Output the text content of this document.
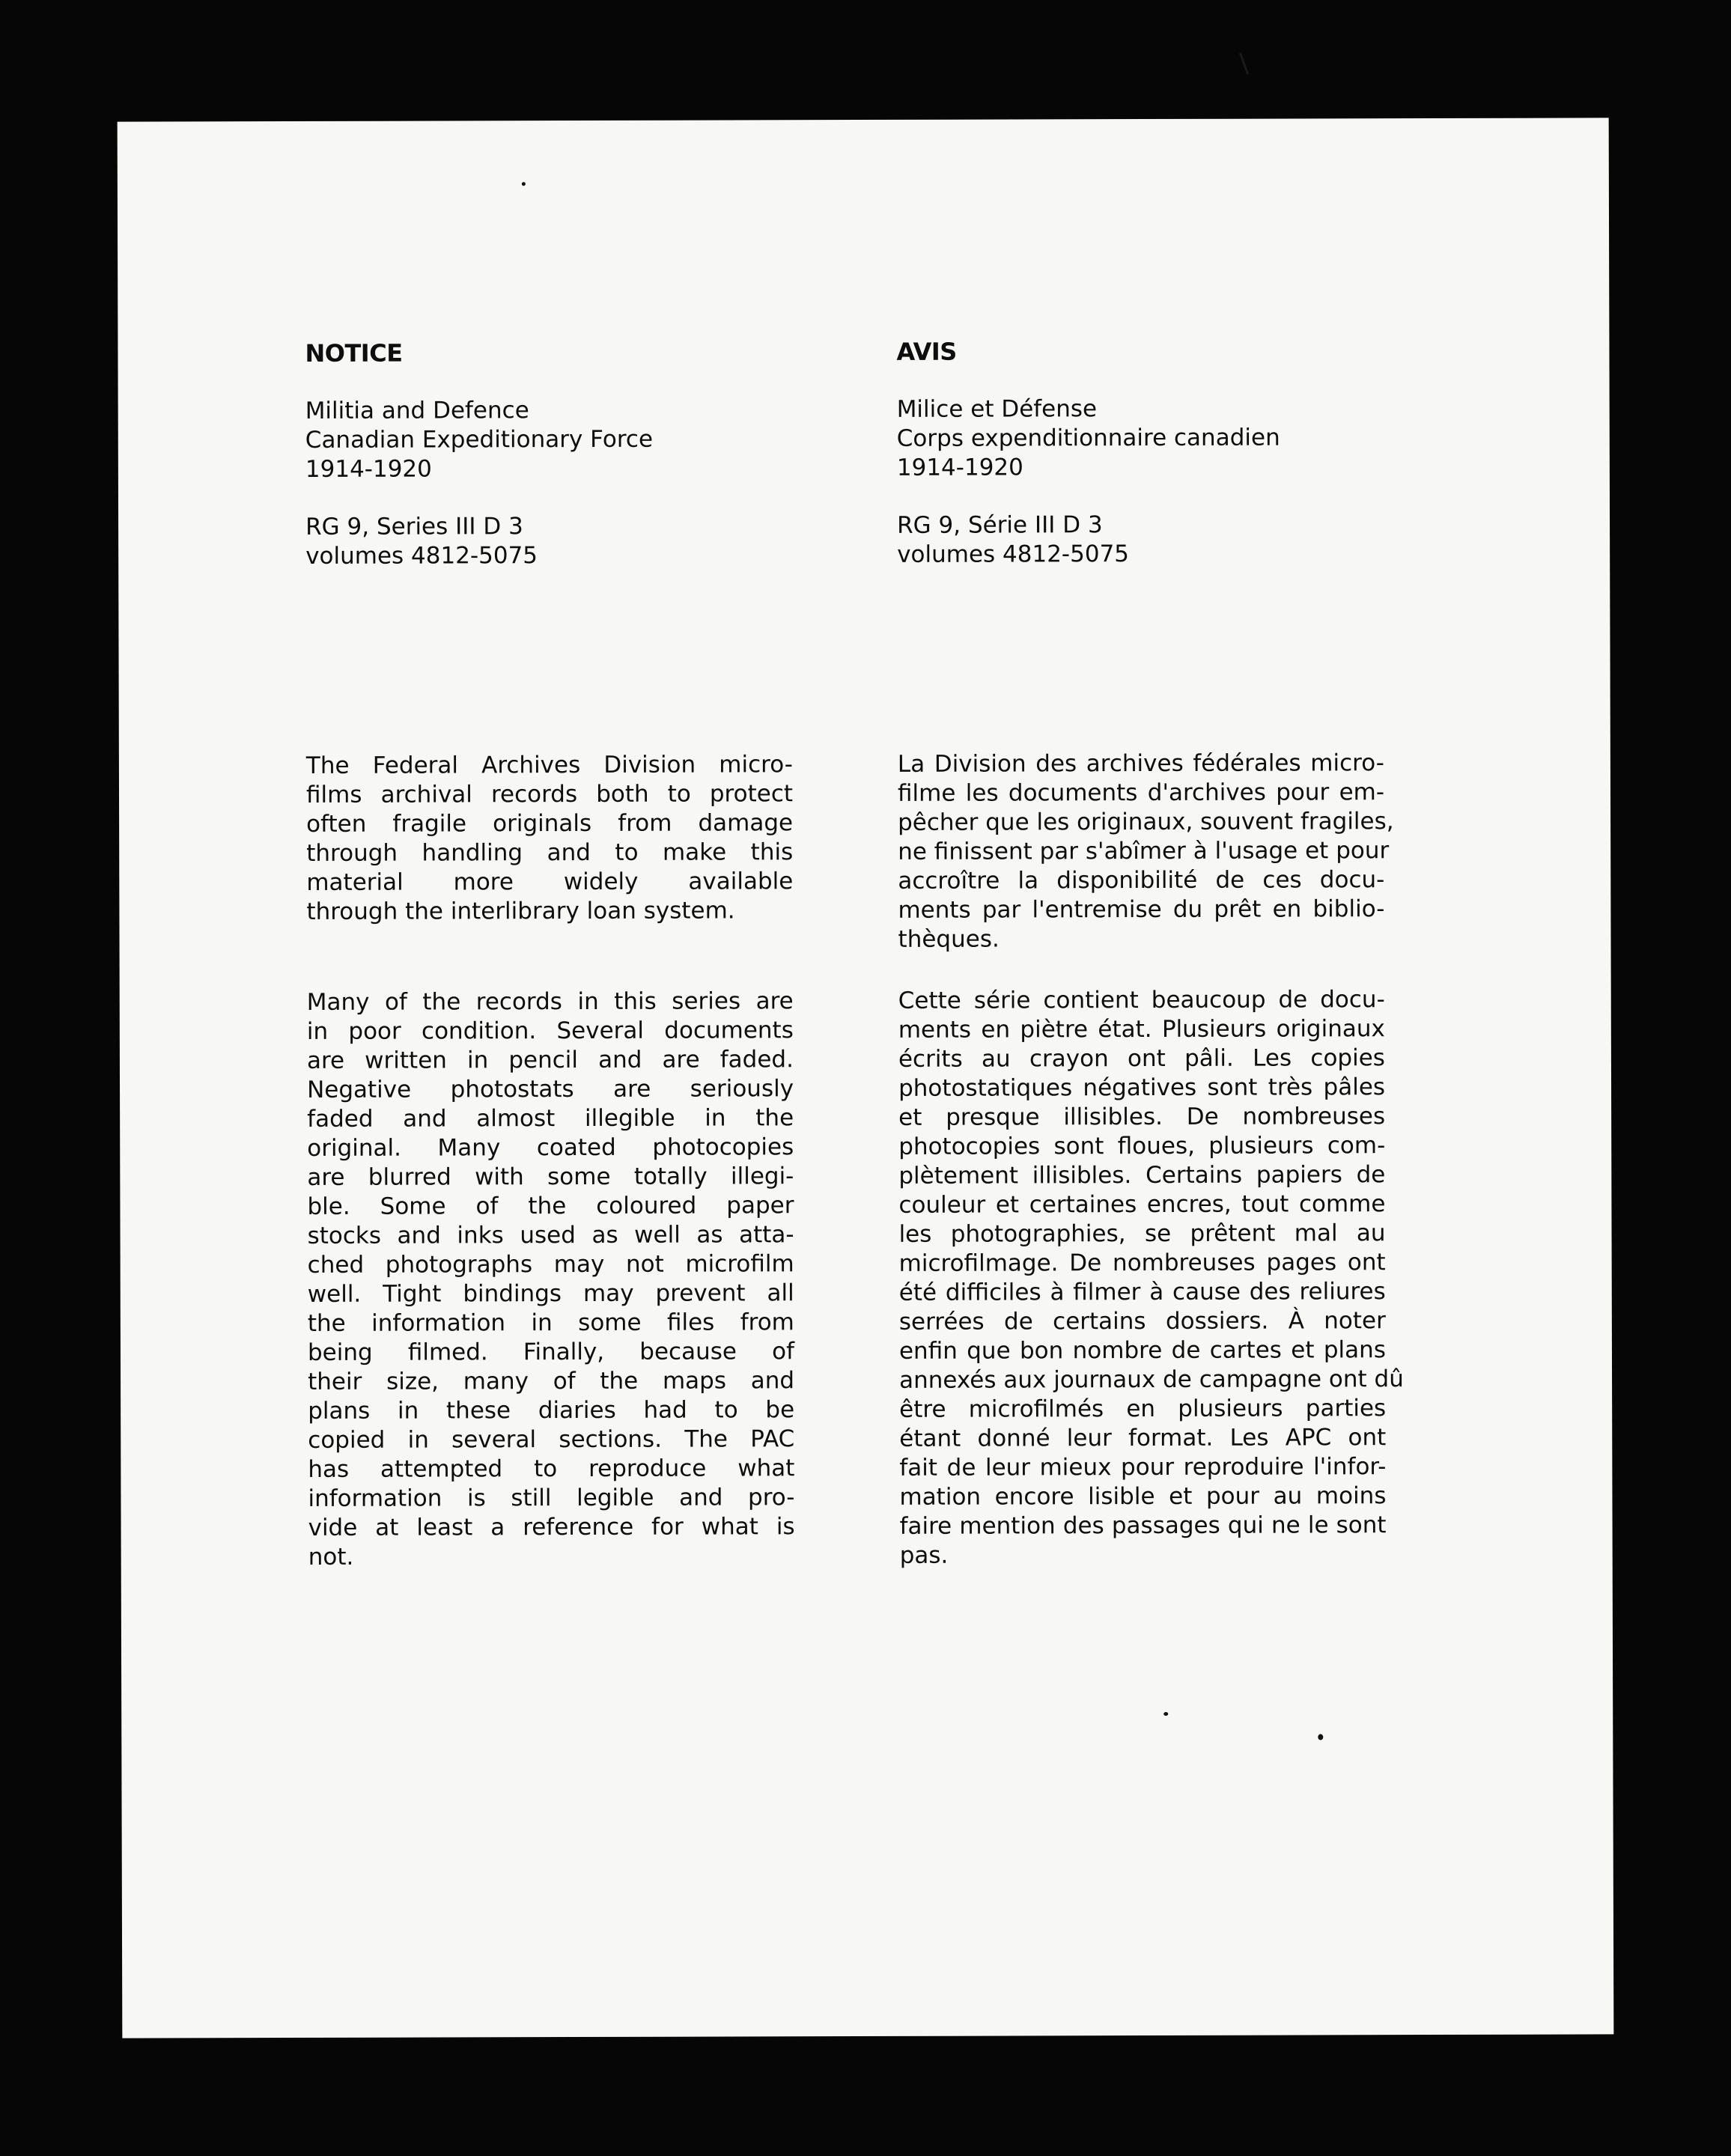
NOTICE
Militia and Defence
Canadian Expeditionary Force
1914-1920
RG 9, Series III D 3
volumes 4812-5075
The Federal Archives Division micro-
films archival records both to protect
often fragile originals from damage
through handling and to make this
material more widely available
through the interlibrary loan system.
Many of the records in this series are
in poor condition. Several documents
are written in pencil and are faded.
Negative photostats are seriously
faded and almost illegible in the
original. Many coated photocopies
are blurred with some totally illegi-
ble. Some of the coloured paper
stocks and inks used as well as atta-
ched photographs may not microfilm
well. Tight bindings may prevent all
the information in some files from
being filmed. Finally, because of
their size, many of the maps and
plans in these diaries had to be
copied in several sections. The PAC
has attempted to reproduce what
information is still legible and pro-
vide at least a reference for what is
not.
AVIS
Milice et Défense
Corps expenditionnaire canadien
1914-1920
RG 9, Série III D 3
volumes 4812-5075
La Division des archives fédérales micro-
filme les documents d'archives pour em-
pêcher que les originaux, souvent fragiles,
ne finissent par s'abîmer à l'usage et pour
accroître la disponibilité de ces docu-
ments par l'entremise du prêt en biblio-
thèques.
Cette série contient beaucoup de docu-
ments en piètre état. Plusieurs originaux
écrits au crayon ont pâli. Les copies
photostatiques négatives sont très pâles
et presque illisibles. De nombreuses
photocopies sont floues, plusieurs com-
plètement illisibles. Certains papiers de
couleur et certaines encres, tout comme
les photographies, se prêtent mal au
microfilmage. De nombreuses pages ont
été difficiles à filmer à cause des reliures
serrées de certains dossiers. À noter
enfin que bon nombre de cartes et plans
annexés aux journaux de campagne ont dû
être microfilmés en plusieurs parties
étant donné leur format. Les APC ont
fait de leur mieux pour reproduire l'infor-
mation encore lisible et pour au moins
faire mention des passages qui ne le sont
pas.
